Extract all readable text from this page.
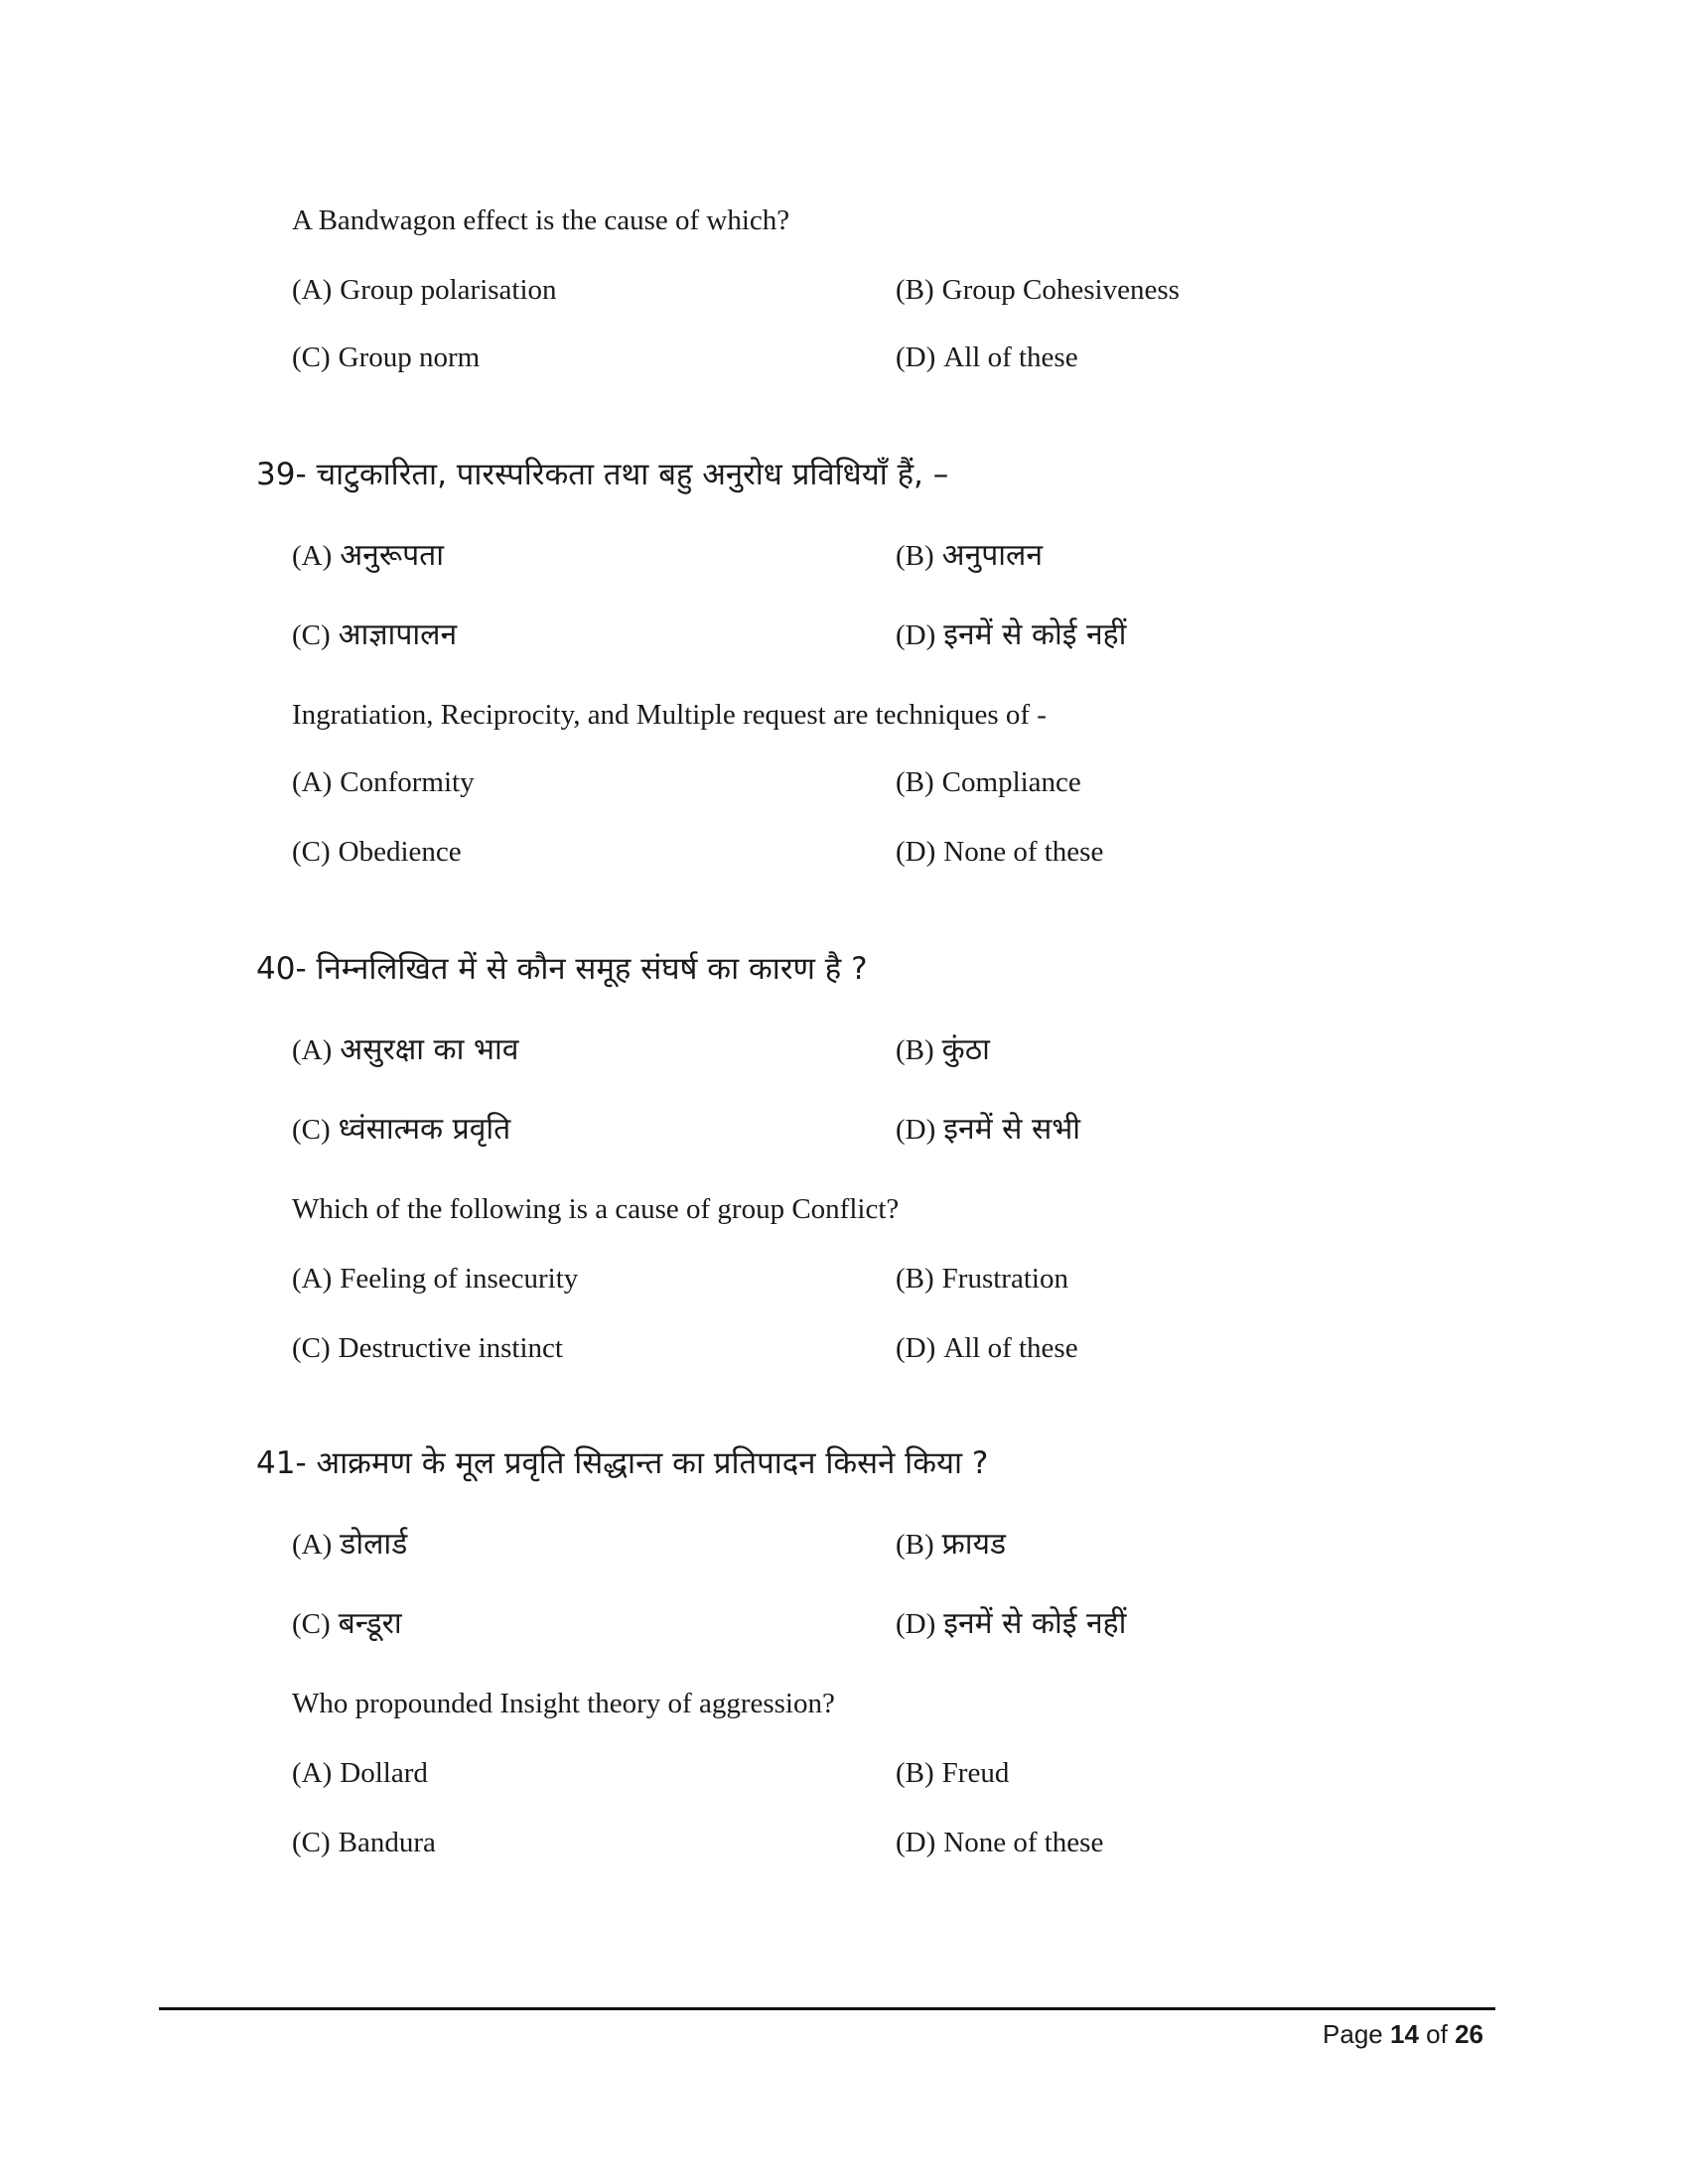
A Bandwagon effect is the cause of which?
(A) Group polarisation	(B) Group Cohesiveness
(C) Group norm	(D) All of these
39- चाटुकारिता, पारस्परिकता तथा बहु अनुरोध प्रविधियाँ हैं, –
(A) अनुरूपता	(B) अनुपालन
(C) आज्ञापालन	(D) इनमें से कोई नहीं
Ingratiation, Reciprocity, and Multiple request are techniques of -
(A) Conformity	(B) Compliance
(C) Obedience	(D) None of these
40- निम्नलिखित में से कौन समूह संघर्ष का कारण है ?
(A) असुरक्षा का भाव	(B) कुंठा
(C) ध्वंसात्मक प्रवृति	(D) इनमें से सभी
Which of the following is a cause of group Conflict?
(A) Feeling of insecurity	(B) Frustration
(C) Destructive instinct	(D) All of these
41- आक्रमण के मूल प्रवृति सिद्धान्त का प्रतिपादन किसने किया ?
(A) डोलार्ड	(B) फ्रायड
(C) बन्डूरा	(D) इनमें से कोई नहीं
Who propounded Insight theory of aggression?
(A) Dollard	(B) Freud
(C) Bandura	(D) None of these
Page 14 of 26
